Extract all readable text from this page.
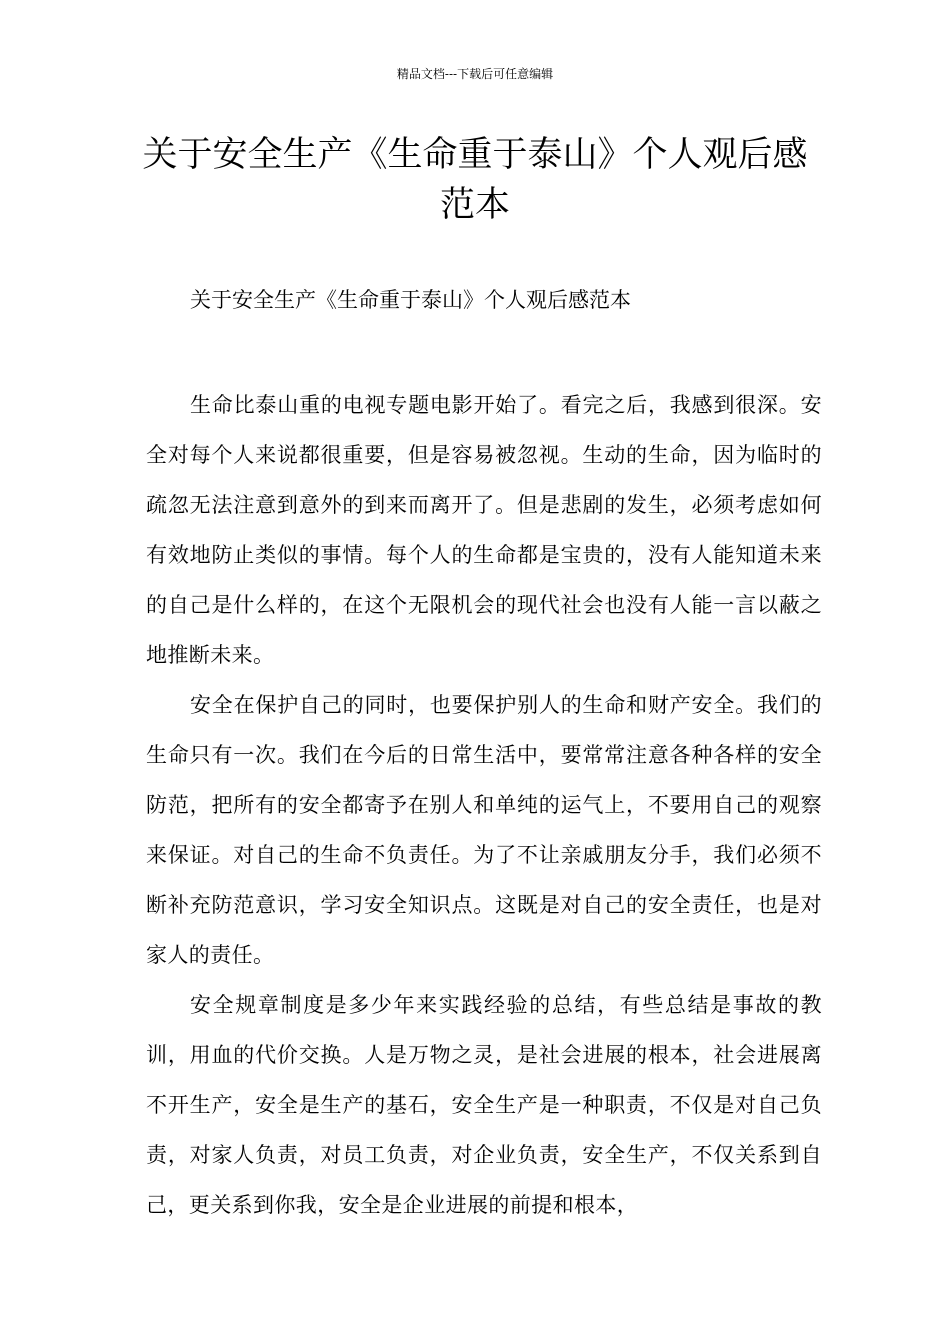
精品文档---下载后可任意编辑
关于安全生产《生命重于泰山》个人观后感范本
关于安全生产《生命重于泰山》个人观后感范本

生命比泰山重的电视专题电影开始了。看完之后，我感到很深。安全对每个人来说都很重要，但是容易被忽视。生动的生命，因为临时的疏忽无法注意到意外的到来而离开了。但是悲剧的发生，必须考虑如何有效地防止类似的事情。每个人的生命都是宝贵的，没有人能知道未来的自己是什么样的，在这个无限机会的现代社会也没有人能一言以蔽之地推断未来。

安全在保护自己的同时，也要保护别人的生命和财产安全。我们的生命只有一次。我们在今后的日常生活中，要常常注意各种各样的安全防范，把所有的安全都寄予在别人和单纯的运气上，不要用自己的观察来保证。对自己的生命不负责任。为了不让亲戚朋友分手，我们必须不断补充防范意识，学习安全知识点。这既是对自己的安全责任，也是对家人的责任。

安全规章制度是多少年来实践经验的总结，有些总结是事故的教训，用血的代价交换。人是万物之灵，是社会进展的根本，社会进展离不开生产，安全是生产的基石，安全生产是一种职责，不仅是对自己负责，对家人负责，对员工负责，对企业负责，安全生产，不仅关系到自己，更关系到你我，安全是企业进展的前提和根本，
